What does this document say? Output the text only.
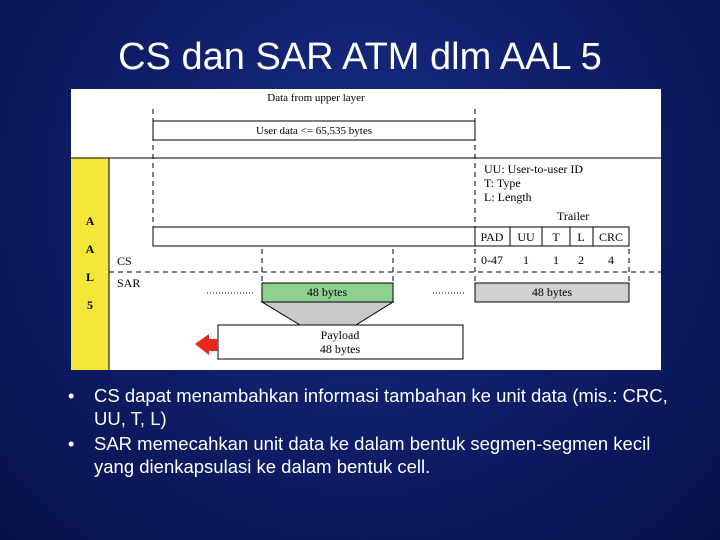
CS dan SAR ATM dlm AAL 5
Data from upper layer
User data <= 65,535 bytes
UU: User-to-user ID
T: Type
L: Length
Trailer
A
A
L
5
PAD UU T L CRC
CS
SAR
0-47 1 1 2 4
48 bytes	48 bytes
Payload
48 bytes
•	CS dapat menambahkan informasi tambahan ke unit data (mis.: CRC, UU, T, L)
•	SAR memecahkan unit data ke dalam bentuk segmen-segmen kecil yang dienkapsulasi ke dalam bentuk cell.
